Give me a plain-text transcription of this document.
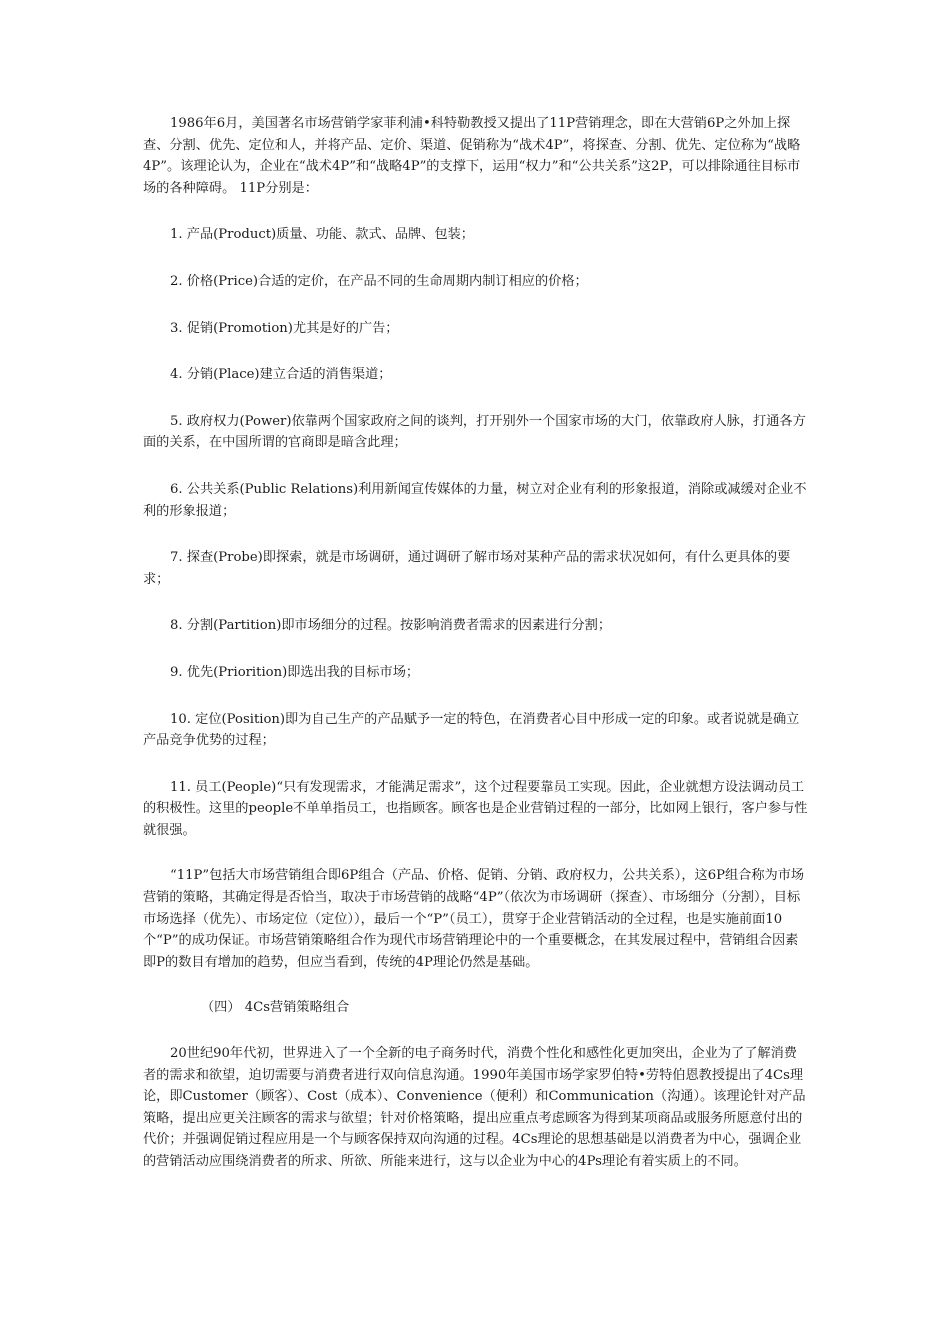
1986年6月，美国著名市场营销学家菲利浦•科特勒教授又提出了11P营销理念，即在大营销6P之外加上探查、分割、优先、定位和人，并将产品、定价、渠道、促销称为“战术4P”，将探查、分割、优先、定位称为“战略4P”。该理论认为，企业在“战术4P”和“战略4P”的支撑下，运用“权力”和“公共关系”这2P，可以排除通往目标市场的各种障碍。 11P分别是：

1. 产品(Product)质量、功能、款式、品牌、包装；

2. 价格(Price)合适的定价，在产品不同的生命周期内制订相应的价格；

3. 促销(Promotion)尤其是好的广告；

4. 分销(Place)建立合适的消售渠道；

5. 政府权力(Power)依靠两个国家政府之间的谈判，打开别外一个国家市场的大门，依靠政府人脉，打通各方面的关系，在中国所谓的官商即是暗含此理；

6. 公共关系(Public Relations)利用新闻宣传媒体的力量，树立对企业有利的形象报道，消除或减缓对企业不利的形象报道；

7. 探查(Probe)即探索，就是市场调研，通过调研了解市场对某种产品的需求状况如何，有什么更具体的要求；

8. 分割(Partition)即市场细分的过程。按影响消费者需求的因素进行分割；

9. 优先(Priorition)即选出我的目标市场；

10. 定位(Position)即为自己生产的产品赋予一定的特色，在消费者心目中形成一定的印象。或者说就是确立产品竞争优势的过程；

11. 员工(People)“只有发现需求，才能满足需求”，这个过程要靠员工实现。因此，企业就想方设法调动员工的积极性。这里的people不单单指员工，也指顾客。顾客也是企业营销过程的一部分，比如网上银行，客户参与性就很强。

“11P”包括大市场营销组合即6P组合（产品、价格、促销、分销、政府权力，公共关系），这6P组合称为市场营销的策略，其确定得是否恰当，取决于市场营销的战略“4P”（依次为市场调研（探查）、市场细分（分割），目标市场选择（优先）、市场定位（定位）），最后一个“P”（员工），贯穿于企业营销活动的全过程，也是实施前面10个“P”的成功保证。市场营销策略组合作为现代市场营销理论中的一个重要概念，在其发展过程中，营销组合因素即P的数目有增加的趋势，但应当看到，传统的4P理论仍然是基础。

（四） 4Cs营销策略组合

20世纪90年代初，世界进入了一个全新的电子商务时代，消费个性化和感性化更加突出，企业为了了解消费者的需求和欲望，迫切需要与消费者进行双向信息沟通。1990年美国市场学家罗伯特•劳特伯恩教授提出了4Cs理论，即Customer（顾客）、Cost（成本）、Convenience（便利）和Communication（沟通）。该理论针对产品策略，提出应更关注顾客的需求与欲望；针对价格策略，提出应重点考虑顾客为得到某项商品或服务所愿意付出的代价；并强调促销过程应用是一个与顾客保持双向沟通的过程。4Cs理论的思想基础是以消费者为中心，强调企业的营销活动应围绕消费者的所求、所欲、所能来进行，这与以企业为中心的4Ps理论有着实质上的不同。
